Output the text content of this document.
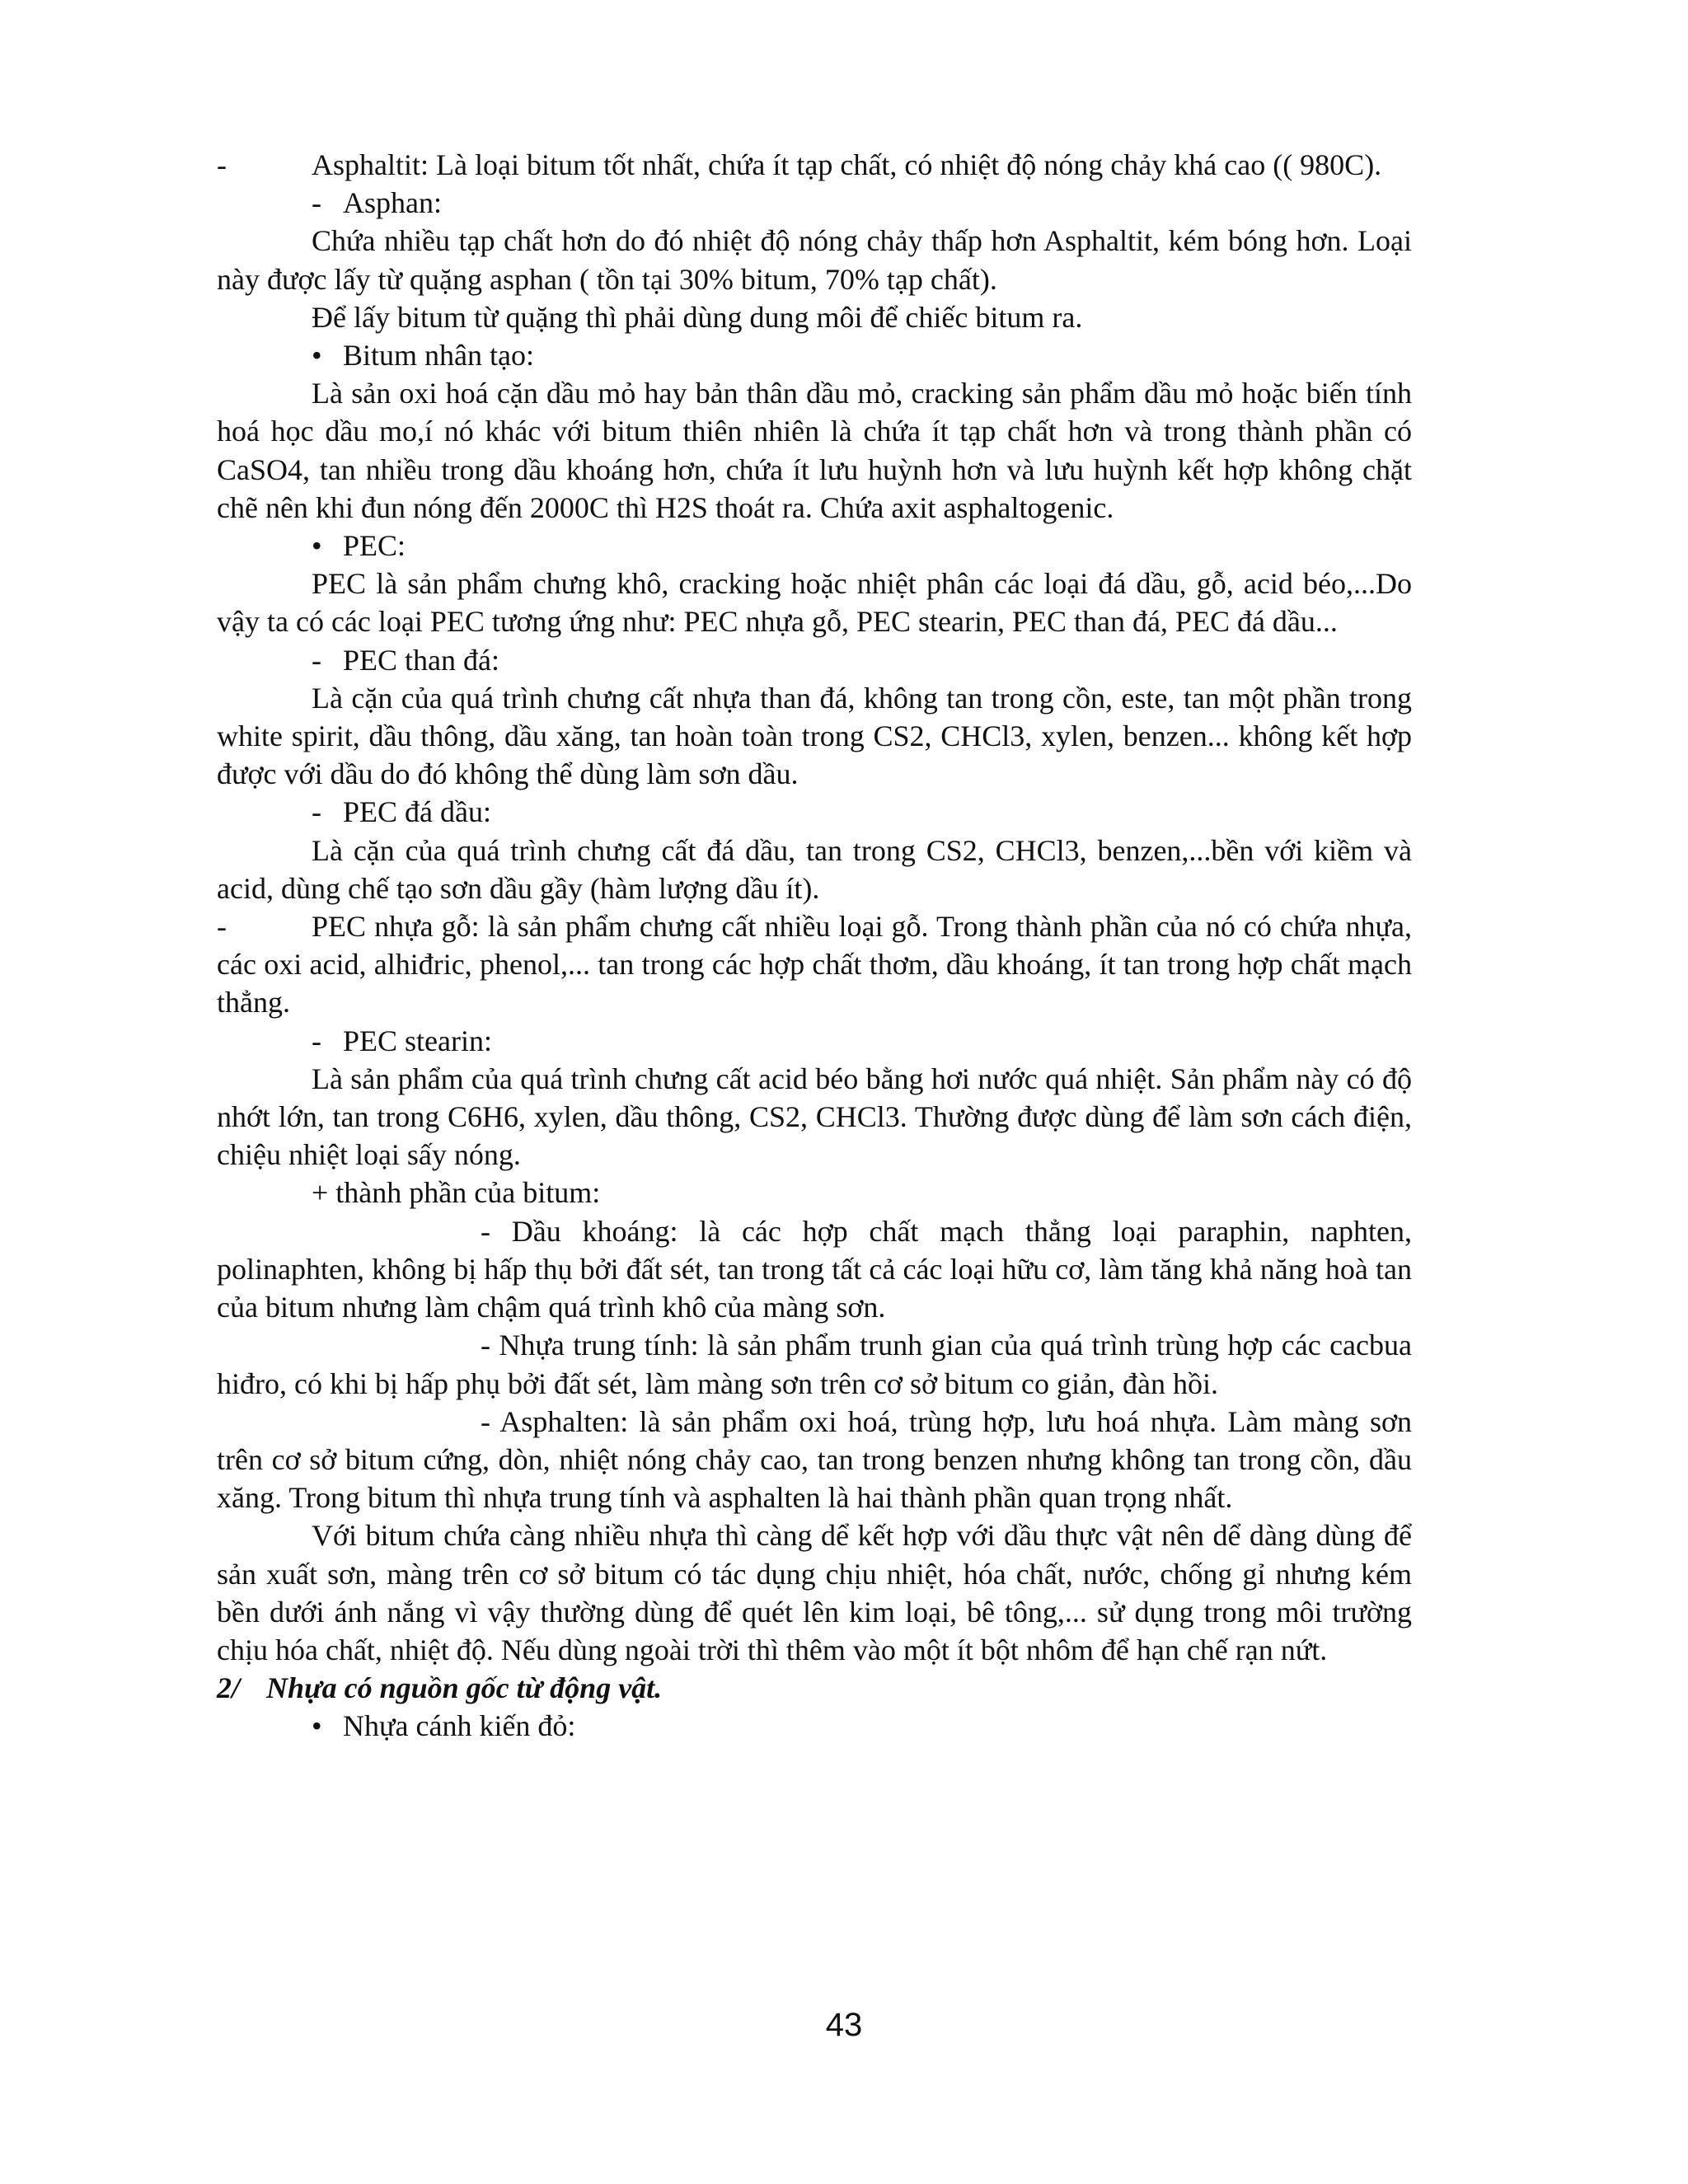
-	Asphaltit: Là loại bitum tốt nhất, chứa ít tạp chất, có nhiệt độ nóng chảy khá cao (( 980C).

- Asphan:

Chứa nhiều tạp chất hơn do đó nhiệt độ nóng chảy thấp hơn Asphaltit, kém bóng hơn. Loại này được lấy từ quặng asphan ( tồn tại 30% bitum, 70% tạp chất).

Để lấy bitum từ quặng thì phải dùng dung môi để chiếc bitum ra.

• Bitum nhân tạo:

Là sản oxi hoá cặn dầu mỏ hay bản thân dầu mỏ, cracking sản phẩm dầu mỏ hoặc biến tính hoá học dầu mo,í nó khác với bitum thiên nhiên là chứa ít tạp chất hơn và trong thành phần có CaSO4, tan nhiều trong dầu khoáng hơn, chứa ít lưu huỳnh hơn và lưu huỳnh kết hợp không chặt chẽ nên khi đun nóng đến 2000C thì H2S thoát ra. Chứa axit asphaltogenic.

• PEC:

PEC là sản phẩm chưng khô, cracking hoặc nhiệt phân các loại đá dầu, gỗ, acid béo,...Do vậy ta có các loại PEC tương ứng như: PEC nhựa gỗ, PEC stearin, PEC than đá, PEC đá dầu...

- PEC than đá:

Là cặn của quá trình chưng cất nhựa than đá, không tan trong cồn, este, tan một phần trong white spirit, dầu thông, dầu xăng, tan hoàn toàn trong CS2, CHCl3, xylen, benzen... không kết hợp được với dầu do đó không thể dùng làm sơn dầu.

- PEC đá dầu:

Là cặn của quá trình chưng cất đá dầu, tan trong CS2, CHCl3, benzen,...bền với kiềm và acid, dùng chế tạo sơn dầu gầy (hàm lượng dầu ít).

-	PEC nhựa gỗ: là sản phẩm chưng cất nhiều loại gỗ. Trong thành phần của nó có chứa nhựa, các oxi acid, alhiđric, phenol,... tan trong các hợp chất thơm, dầu khoáng, ít tan trong hợp chất mạch thẳng.

- PEC stearin:

Là sản phẩm của quá trình chưng cất acid béo bằng hơi nước quá nhiệt. Sản phẩm này có độ nhớt lớn, tan trong C6H6, xylen, dầu thông, CS2, CHCl3. Thường được dùng để làm sơn cách điện, chiệu nhiệt loại sấy nóng.

+ thành phần của bitum:

- Dầu khoáng: là các hợp chất mạch thẳng loại paraphin, naphten, polinaphten, không bị hấp thụ bởi đất sét, tan trong tất cả các loại hữu cơ, làm tăng khả năng hoà tan của bitum nhưng làm chậm quá trình khô của màng sơn.

- Nhựa trung tính: là sản phẩm trunh gian của quá trình trùng hợp các cacbua hiđro, có khi bị hấp phụ bởi đất sét, làm màng sơn trên cơ sở bitum co giản, đàn hồi.

- Asphalten: là sản phẩm oxi hoá, trùng hợp, lưu hoá nhựa. Làm màng sơn trên cơ sở bitum cứng, dòn, nhiệt nóng chảy cao, tan trong benzen nhưng không tan trong cồn, dầu xăng. Trong bitum thì nhựa trung tính và asphalten là hai thành phần quan trọng nhất.

Với bitum chứa càng nhiều nhựa thì càng dể kết hợp với dầu thực vật nên dể dàng dùng để sản xuất sơn, màng trên cơ sở bitum có tác dụng chịu nhiệt, hóa chất, nước, chống gỉ nhưng kém bền dưới ánh nắng vì vậy thường dùng để quét lên kim loại, bê tông,... sử dụng trong môi trường chịu hóa chất, nhiệt độ. Nếu dùng ngoài trời thì thêm vào một ít bột nhôm để hạn chế rạn nứt.

2/ Nhựa có nguồn gốc từ động vật.

• Nhựa cánh kiến đỏ:

43
